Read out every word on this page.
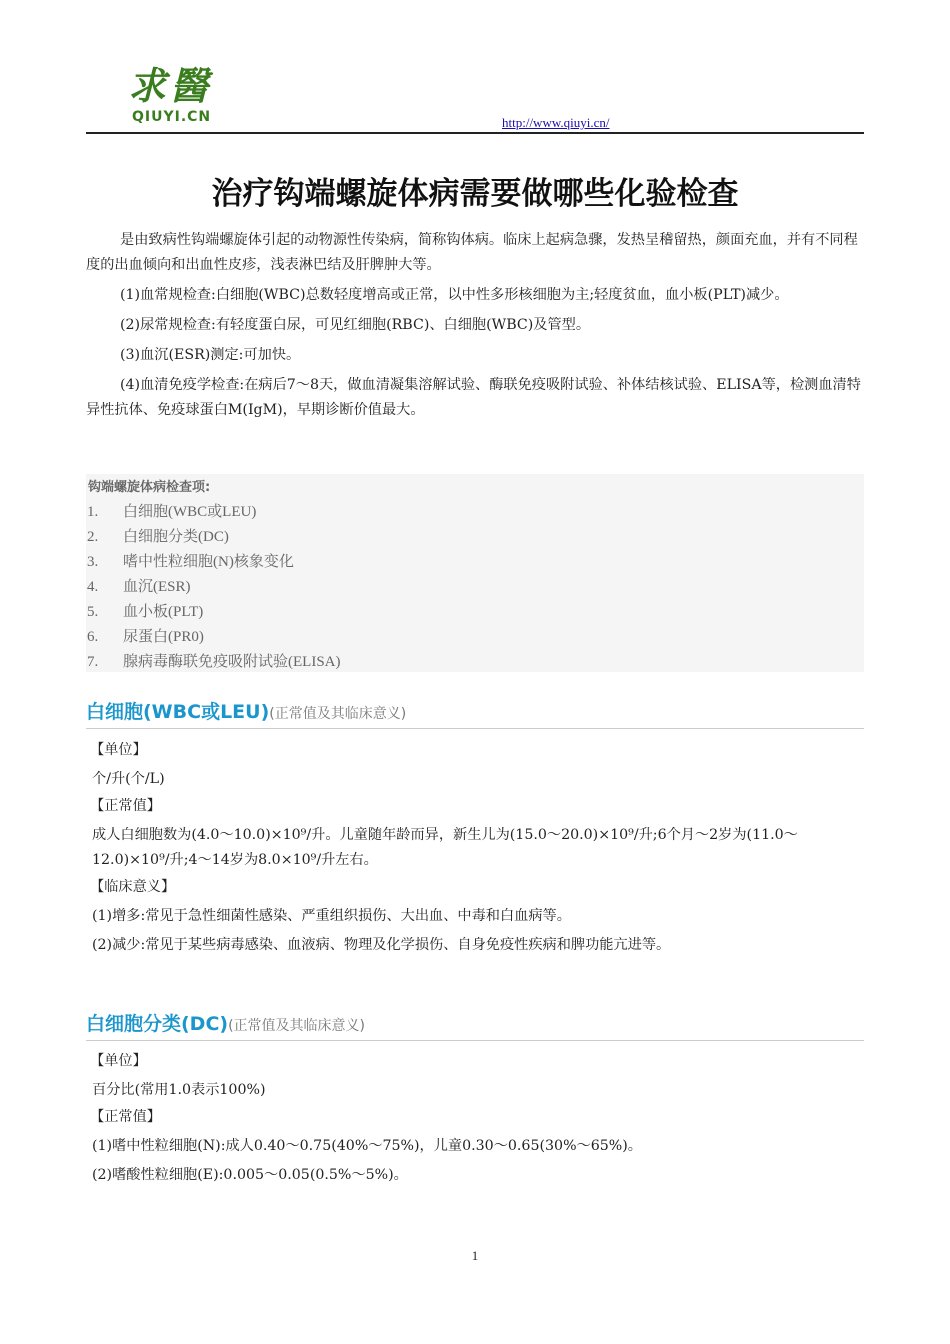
求醫
QIUYI.CN	http://www.qiuyi.cn/
治疗钩端螺旋体病需要做哪些化验检查

是由致病性钩端螺旋体引起的动物源性传染病，简称钩体病。临床上起病急骤，发热呈稽留热，颜面充血，并有不同程度的出血倾向和出血性皮疹，浅表淋巴结及肝脾肿大等。

(1)血常规检查:白细胞(WBC)总数轻度增高或正常，以中性多形核细胞为主;轻度贫血，血小板(PLT)减少。

(2)尿常规检查:有轻度蛋白尿，可见红细胞(RBC)、白细胞(WBC)及管型。

(3)血沉(ESR)测定:可加快。

(4)血清免疫学检查:在病后7～8天，做血清凝集溶解试验、酶联免疫吸附试验、补体结核试验、ELISA等，检测血清特异性抗体、免疫球蛋白M(IgM)，早期诊断价值最大。

钩端螺旋体病检查项:
1. 白细胞(WBC或LEU)
2. 白细胞分类(DC)
3. 嗜中性粒细胞(N)核象变化
4. 血沉(ESR)
5. 血小板(PLT)
6. 尿蛋白(PR0)
7. 腺病毒酶联免疫吸附试验(ELISA)
白细胞(WBC或LEU)(正常值及其临床意义)
【单位】
个/升(个/L)
【正常值】
成人白细胞数为(4.0～10.0)×10⁹/升。儿童随年龄而异，新生儿为(15.0～20.0)×10⁹/升;6个月～2岁为(11.0～12.0)×10⁹/升;4～14岁为8.0×10⁹/升左右。
【临床意义】
(1)增多:常见于急性细菌性感染、严重组织损伤、大出血、中毒和白血病等。
(2)减少:常见于某些病毒感染、血液病、物理及化学损伤、自身免疫性疾病和脾功能亢进等。
白细胞分类(DC)(正常值及其临床意义)
【单位】
百分比(常用1.0表示100%)
【正常值】
(1)嗜中性粒细胞(N):成人0.40～0.75(40%～75%)，儿童0.30～0.65(30%～65%)。
(2)嗜酸性粒细胞(E):0.005～0.05(0.5%～5%)。
1
